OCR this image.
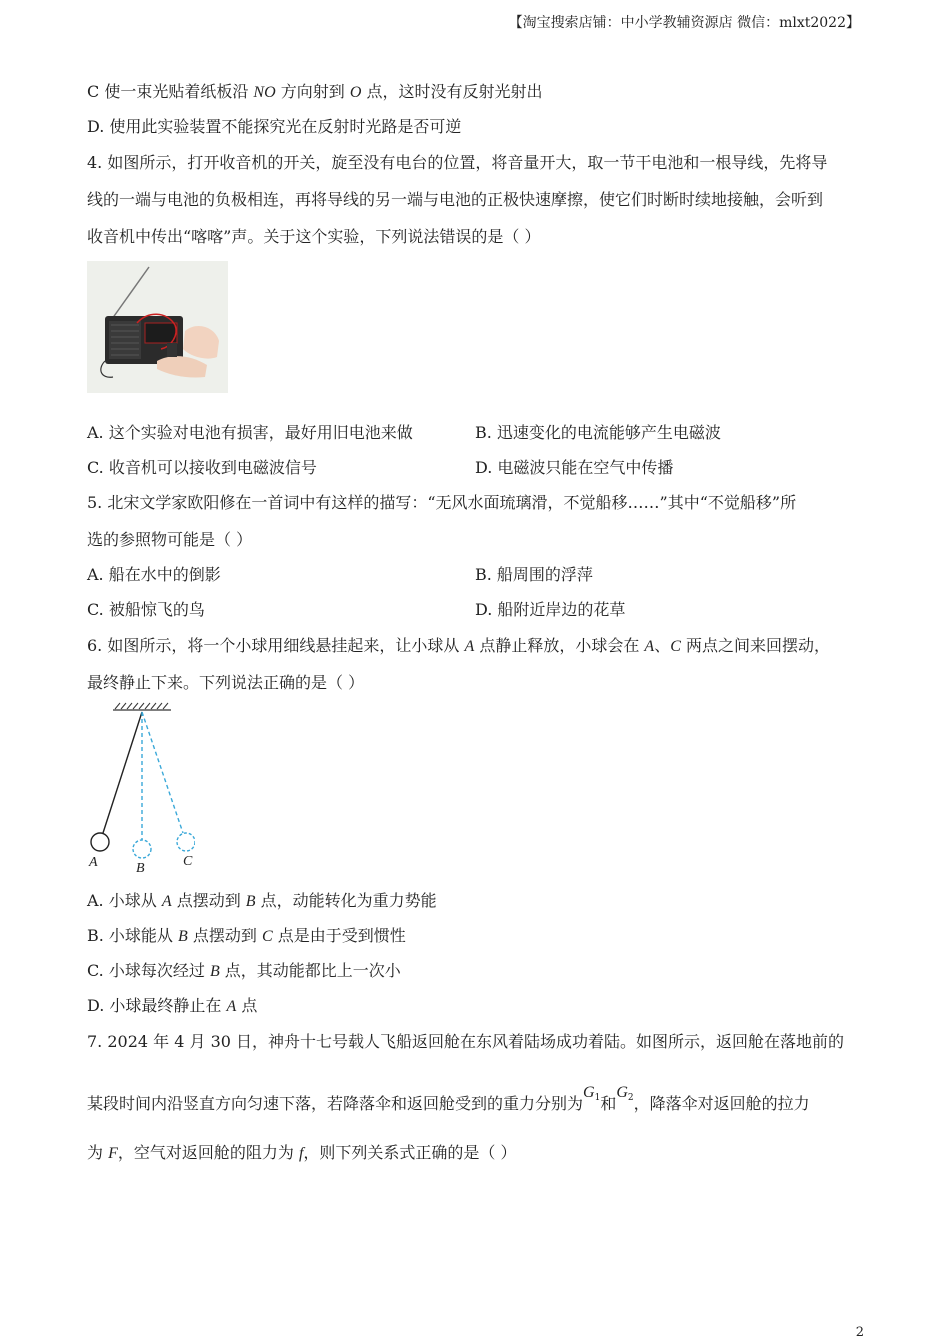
【淘宝搜索店铺：中小学教辅资源店 微信：mlxt2022】
C 使一束光贴着纸板沿 NO 方向射到 O 点，这时没有反射光射出
D. 使用此实验装置不能探究光在反射时光路是否可逆
4. 如图所示，打开收音机的开关，旋至没有电台的位置，将音量开大，取一节干电池和一根导线，先将导
线的一端与电池的负极相连，再将导线的另一端与电池的正极快速摩擦，使它们时断时续地接触，会听到
收音机中传出“喀喀”声。关于这个实验，下列说法错误的是（ ）
A. 这个实验对电池有损害，最好用旧电池来做	B. 迅速变化的电流能够产生电磁波
C. 收音机可以接收到电磁波信号	D. 电磁波只能在空气中传播
5. 北宋文学家欧阳修在一首词中有这样的描写：“无风水面琉璃滑，不觉船移……”其中“不觉船移”所
选的参照物可能是（ ）
A. 船在水中的倒影	B. 船周围的浮萍
C. 被船惊飞的鸟	D. 船附近岸边的花草
6. 如图所示，将一个小球用细线悬挂起来，让小球从 A 点静止释放，小球会在 A、C 两点之间来回摆动，
最终静止下来。下列说法正确的是（ ）
A	B	C
A. 小球从 A 点摆动到 B 点，动能转化为重力势能
B. 小球能从 B 点摆动到 C 点是由于受到惯性
C. 小球每次经过 B 点，其动能都比上一次小
D. 小球最终静止在 A 点
7. 2024 年 4 月 30 日，神舟十七号载人飞船返回舱在东风着陆场成功着陆。如图所示，返回舱在落地前的
某段时间内沿竖直方向匀速下落，若降落伞和返回舱受到的重力分别为$G_1$和$G_2$，降落伞对返回舱的拉力
为 F，空气对返回舱的阻力为 f，则下列关系式正确的是（ ）
2
